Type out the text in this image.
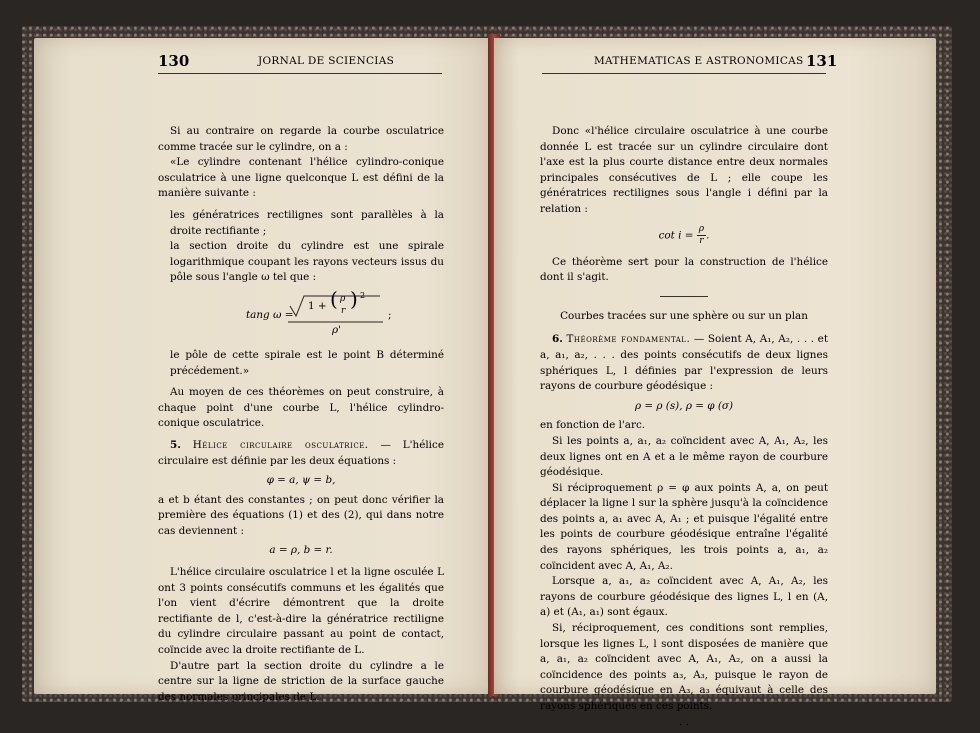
130	JORNAL DE SCIENCIAS

Si au contraire on regarde la courbe osculatrice comme tracée sur le cylindre, on a :

«Le cylindre contenant l'hélice cylindro-conique osculatrice à une ligne quelconque L est défini de la manière suivante :

les génératrices rectilignes sont parallèles à la droite rectifiante ;

la section droite du cylindre est une spirale logarithmique coupant les rayons vecteurs issus du pôle sous l'angle ω tel que :

tang ω =
1 + ( ρ
r ) 2
ρ'
;

le pôle de cette spirale est le point B déterminé précédement.»

Au moyen de ces théorèmes on peut construire, à chaque point d'une courbe L, l'hélice cylindro-conique osculatrice.

5. Hélice circulaire osculatrice. — L'hélice circulaire est définie par les deux équations :

φ = a, ψ = b,

a et b étant des constantes ; on peut donc vérifier la première des équations (1) et des (2), qui dans notre cas deviennent :

a = ρ, b = r.

L'hélice circulaire osculatrice l et la ligne osculée L ont 3 points consécutifs communs et les égalités que l'on vient d'écrire démontrent que la droite rectifiante de l, c'est-à-dire la génératrice rectiligne du cylindre circulaire passant au point de contact, coïncide avec la droite rectifiante de L.

D'autre part la section droite du cylindre a le centre sur la ligne de striction de la surface gauche des normales principales de L.

MATHEMATICAS E ASTRONOMICAS 131

Donc «l'hélice circulaire osculatrice à une courbe donnée L est tracée sur un cylindre circulaire dont l'axe est la plus courte distance entre deux normales principales consécutives de L ; elle coupe les génératrices rectilignes sous l'angle i défini par la relation :

$\cot i = \frac{\rho}{r}$ .

Ce théorème sert pour la construction de l'hélice dont il s'agit.

Courbes tracées sur une sphère ou sur un plan

6. Théorème fondamental. — Soient A, A₁, A₂, . . . et a, a₁, a₂, . . . des points consécutifs de deux lignes sphériques L, l définies par l'expression de leurs rayons de courbure géodésique :

ρ = ρ (s), ρ = φ (σ)

en fonction de l'arc.

Si les points a, a₁, a₂ coïncident avec A, A₁, A₂, les deux lignes ont en A et a le même rayon de courbure géodésique.

Si réciproquement ρ = φ aux points A, a, on peut déplacer la ligne l sur la sphère jusqu'à la coïncidence des points a, a₁ avec A, A₁ ; et puisque l'égalité entre les points de courbure géodésique entraîne l'égalité des rayons sphériques, les trois points a, a₁, a₂ coïncident avec A, A₁, A₂.

Lorsque a, a₁, a₂ coïncident avec A, A₁, A₂, les rayons de courbure géodésique des lignes L, l en (A, a) et (A₁, a₁) sont égaux.

Si, réciproquement, ces conditions sont remplies, lorsque les lignes L, l sont disposées de manière que a, a₁, a₂ coïncident avec A, A₁, A₂, on a aussi la coïncidence des points a₃, A₃, puisque le rayon de courbure géodésique en A₃, a₃ équivaut à celle des rayons sphériques en ces points.

. .
